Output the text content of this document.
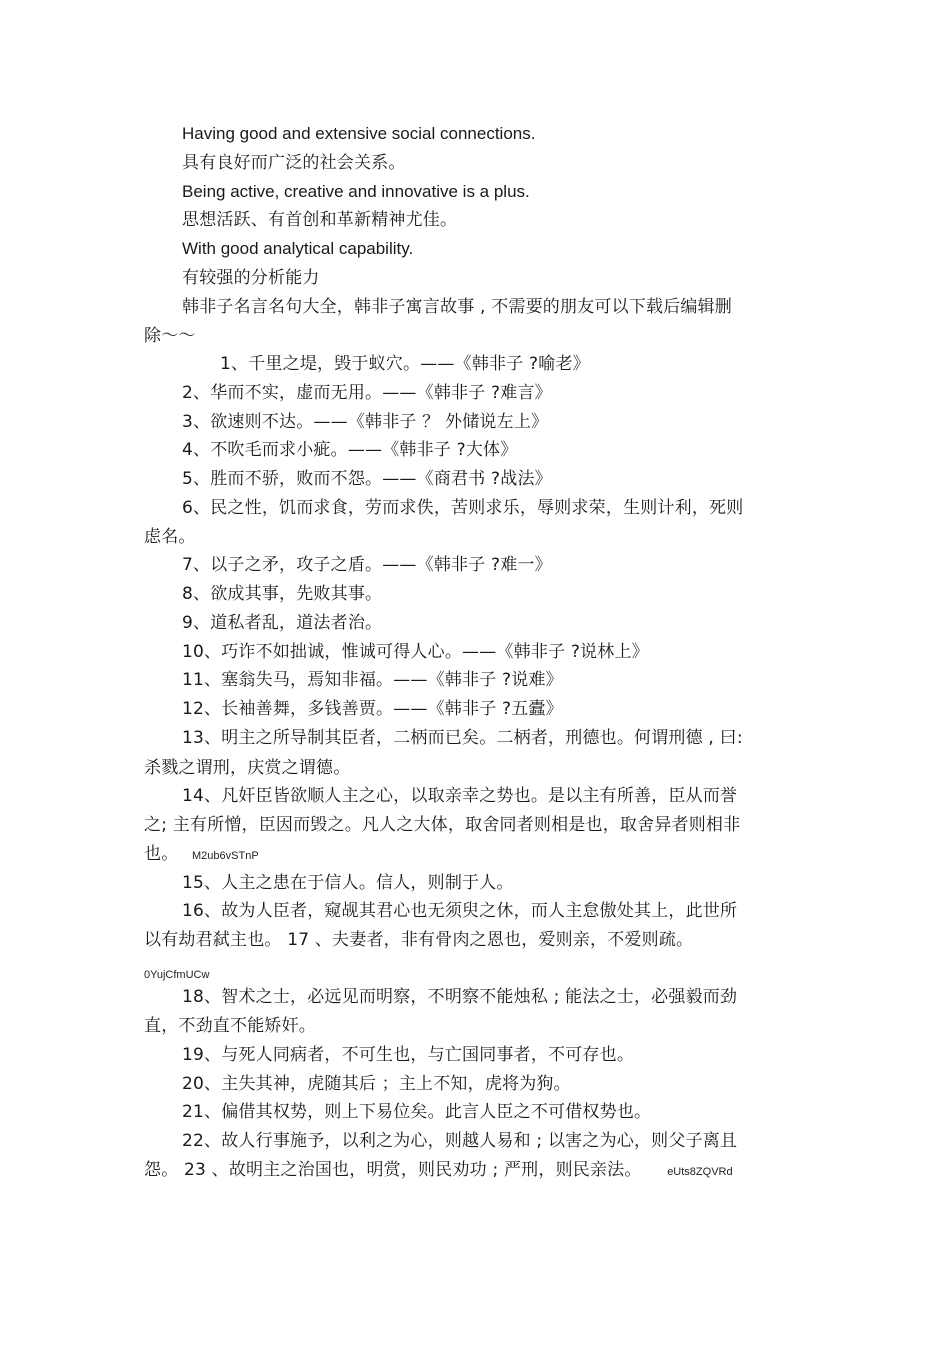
Having good and extensive social connections.
具有良好而广泛的社会关系。
Being active, creative and innovative is a plus.
思想活跃、有首创和革新精神尤佳。
With good analytical capability.
有较强的分析能力
韩非子名言名句大全，韩非子寓言故事 , 不需要的朋友可以下载后编辑删
除～～
1、千里之堤，毁于蚁穴。——《韩非子 ?喻老》
2、华而不实，虚而无用。——《韩非子 ?难言》
3、欲速则不达。——《韩非子 ？ 外储说左上》
4、不吹毛而求小疵。——《韩非子 ?大体》
5、胜而不骄，败而不怨。——《商君书 ?战法》
6、民之性，饥而求食，劳而求佚，苦则求乐，辱则求荣，生则计利，死则
虑名。
7、以子之矛，攻子之盾。——《韩非子 ?难一》
8、欲成其事，先败其事。
9、道私者乱，道法者治。
10、巧诈不如拙诚，惟诚可得人心。——《韩非子 ?说林上》
11、塞翁失马，焉知非福。——《韩非子 ?说难》
12、长袖善舞，多钱善贾。——《韩非子 ?五蠹》
13、明主之所导制其臣者，二柄而已矣。二柄者，刑德也。何谓刑德 , 曰:
杀戮之谓刑，庆赏之谓德。
14、凡奸臣皆欲顺人主之心，以取亲幸之势也。是以主有所善，臣从而誉
之; 主有所憎，臣因而毁之。凡人之大体，取舍同者则相是也，取舍异者则相非
也。 M2ub6vSTnP
15、人主之患在于信人。信人，则制于人。
16、故为人臣者，窥觇其君心也无须臾之休，而人主怠傲处其上，此世所
以有劫君弑主也。 17 、夫妻者，非有骨肉之恩也，爱则亲，不爱则疏。
0YujCfmUCw
18、智术之士，必远见而明察，不明察不能烛私 ; 能法之士，必强毅而劲
直，不劲直不能矫奸。
19、与死人同病者，不可生也，与亡国同事者，不可存也。
20、主失其神，虎随其后 ；主上不知，虎将为狗。
21、偏借其权势，则上下易位矣。此言人臣之不可借权势也。
22、故人行事施予，以利之为心，则越人易和 ; 以害之为心，则父子离且
怨。 23 、故明主之治国也，明赏，则民劝功 ; 严刑，则民亲法。 eUts8ZQVRd
